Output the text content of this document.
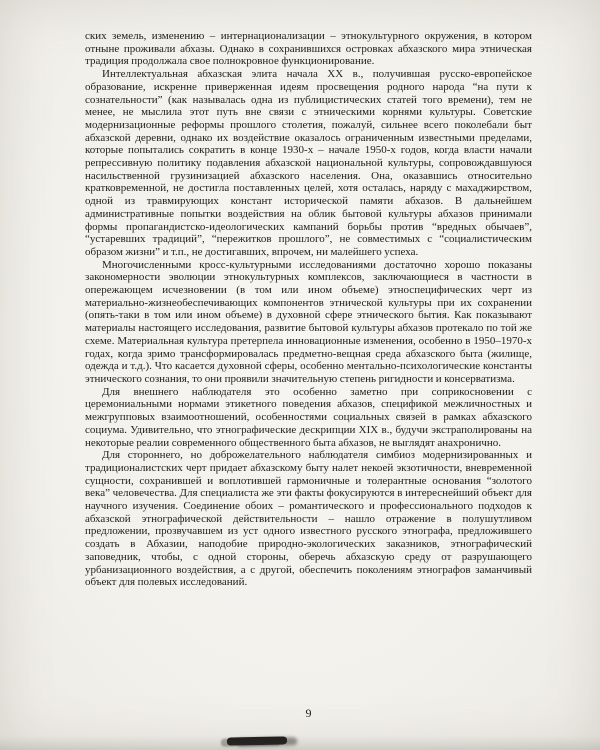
ских земель, изменению – интернационализации – этнокультурного окружения, в котором отныне проживали абхазы. Однако в сохранившихся островках абхазского мира этническая традиция продолжала свое полнокровное функционирование.

Интеллектуальная абхазская элита начала XX в., получившая русско-европейское образование, искренне приверженная идеям просвещения родного народа “на пути к сознательности” (как называлась одна из публицистических статей того времени), тем не менее, не мыслила этот путь вне связи с этническими корнями культуры. Советские модернизационные реформы прошлого столетия, пожалуй, сильнее всего поколебали быт абхазской деревни, однако их воздействие оказалось ограниченным известными пределами, которые попытались сократить в конце 1930-х – начале 1950-х годов, когда власти начали репрессивную политику подавления абхазской национальной культуры, сопровождавшуюся насильственной грузинизацией абхазского населения. Она, оказавшись относительно кратковременной, не достигла поставленных целей, хотя осталась, наряду с махаджирством, одной из травмирующих констант исторической памяти абхазов. В дальнейшем административные попытки воздействия на облик бытовой культуры абхазов принимали формы пропагандистско-идеологических кампаний борьбы против “вредных обычаев”, “устаревших традиций”, “пережитков прошлого”, не совместимых с “социалистическим образом жизни” и т.п., не достигавших, впрочем, ни малейшего успеха.

Многочисленными кросс-культурными исследованиями достаточно хорошо показаны закономерности эволюции этнокультурных комплексов, заключающиеся в частности в опережающем исчезновении (в том или ином объеме) этноспецифических черт из материально-жизнеобеспечивающих компонентов этнической культуры при их сохранении (опять-таки в том или ином объеме) в духовной сфере этнического бытия. Как показывают материалы настоящего исследования, развитие бытовой культуры абхазов протекало по той же схеме. Материальная культура претерпела инновационные изменения, особенно в 1950–1970-х годах, когда зримо трансформировалась предметно-вещная среда абхазского быта (жилище, одежда и т.д.). Что касается духовной сферы, особенно ментально-психологические константы этнического сознания, то они проявили значительную степень ригидности и консерватизма.

Для внешнего наблюдателя это особенно заметно при соприкосновении с церемониальными нормами этикетного поведения абхазов, спецификой межличностных и межгрупповых взаимоотношений, особенностями социальных связей в рамках абхазского социума. Удивительно, что этнографические дескрипции XIX в., будучи экстраполированы на некоторые реалии современного общественного быта абхазов, не выглядят анахронично.

Для стороннего, но доброжелательного наблюдателя симбиоз модернизированных и традиционалистских черт придает абхазскому быту налет некоей экзотичности, вневременной сущности, сохранившей и воплотившей гармоничные и толерантные основания “золотого века” человечества. Для специалиста же эти факты фокусируются в интереснейший объект для научного изучения. Соединение обоих – романтического и профессионального подходов к абхазской этнографической действительности – нашло отражение в полушутливом предложении, прозвучавшем из уст одного известного русского этнографа, предложившего создать в Абхазии, наподобие природно-экологических заказников, этнографический заповедник, чтобы, с одной стороны, оберечь абхазскую среду от разрушающего урбанизационного воздействия, а с другой, обеспечить поколениям этнографов заманчивый объект для полевых исследований.

9
